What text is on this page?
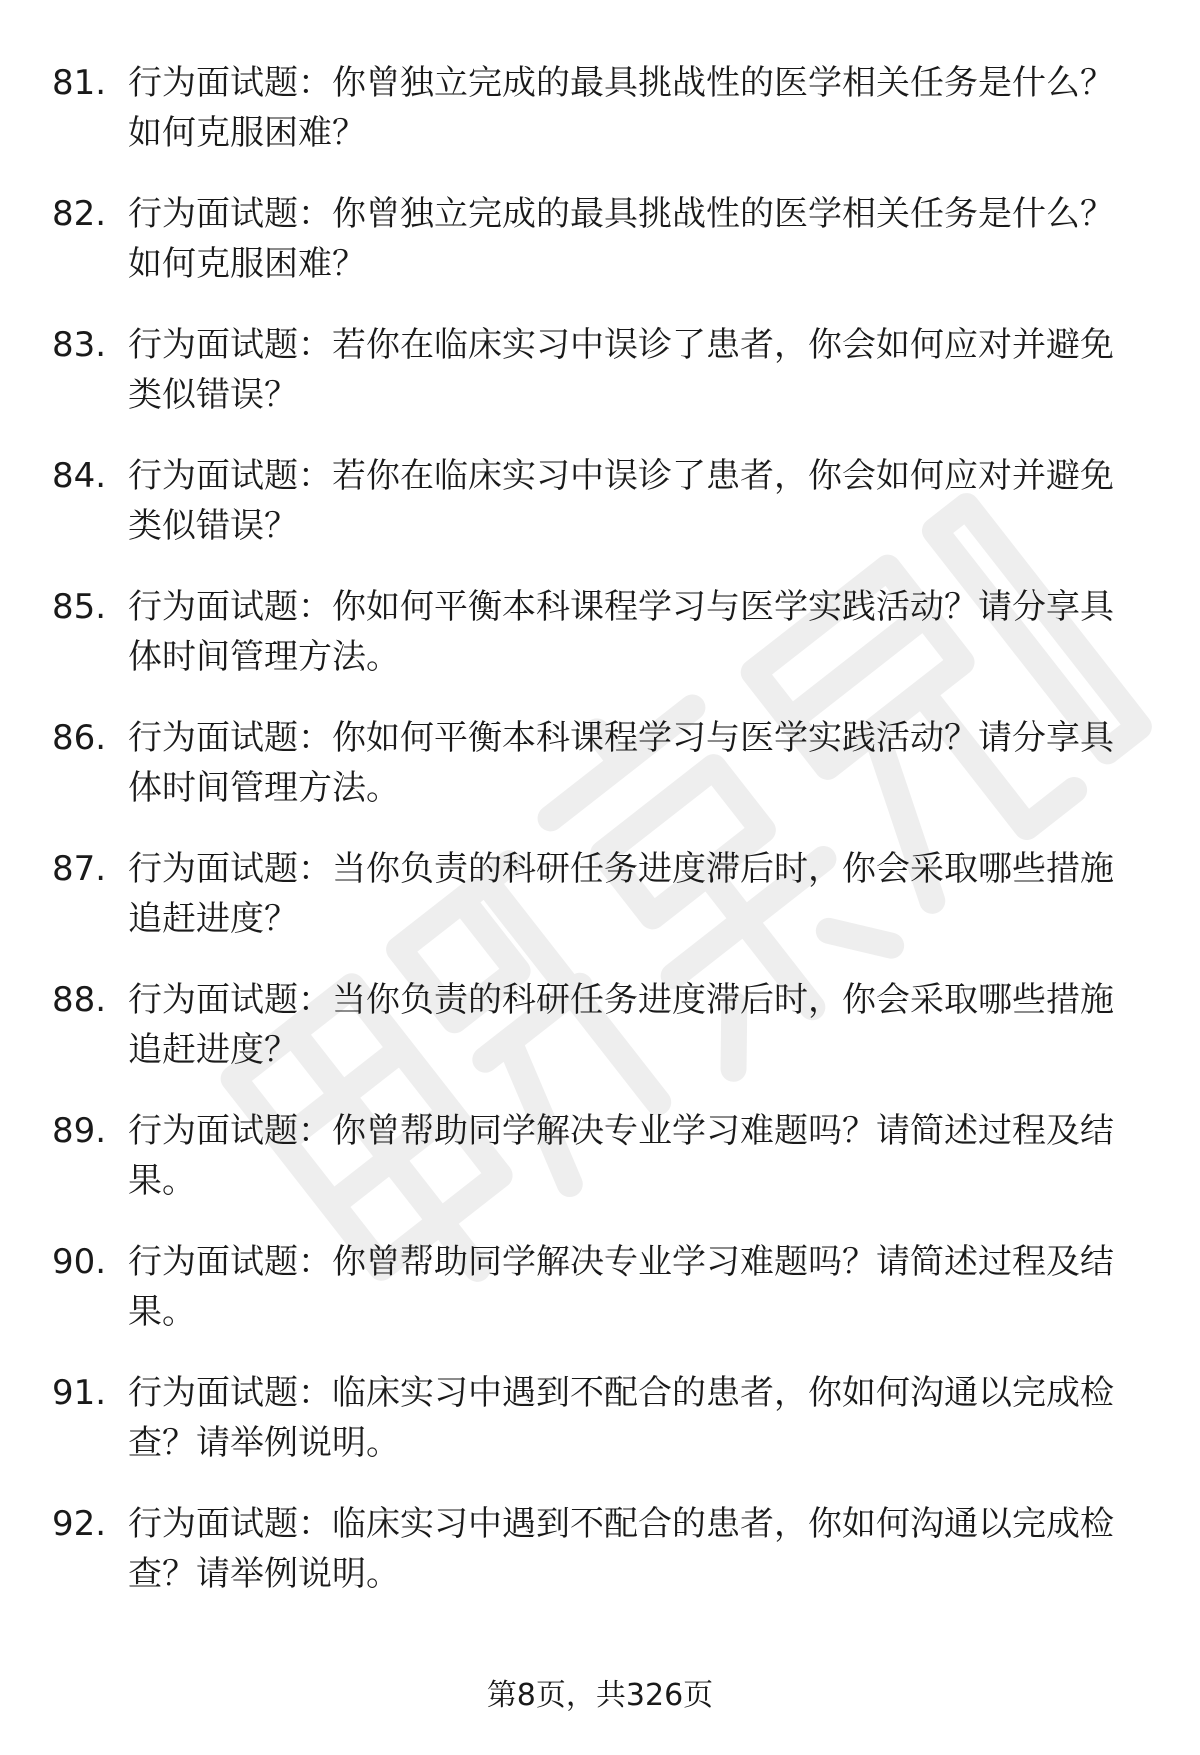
81. 行为面试题：你曾独立完成的最具挑战性的医学相关任务是什么？如何克服困难？
82. 行为面试题：你曾独立完成的最具挑战性的医学相关任务是什么？如何克服困难？
83. 行为面试题：若你在临床实习中误诊了患者，你会如何应对并避免类似错误？
84. 行为面试题：若你在临床实习中误诊了患者，你会如何应对并避免类似错误？
85. 行为面试题：你如何平衡本科课程学习与医学实践活动？请分享具体时间管理方法。
86. 行为面试题：你如何平衡本科课程学习与医学实践活动？请分享具体时间管理方法。
87. 行为面试题：当你负责的科研任务进度滞后时，你会采取哪些措施追赶进度？
88. 行为面试题：当你负责的科研任务进度滞后时，你会采取哪些措施追赶进度？
89. 行为面试题：你曾帮助同学解决专业学习难题吗？请简述过程及结果。
90. 行为面试题：你曾帮助同学解决专业学习难题吗？请简述过程及结果。
91. 行为面试题：临床实习中遇到不配合的患者，你如何沟通以完成检查？请举例说明。
92. 行为面试题：临床实习中遇到不配合的患者，你如何沟通以完成检查？请举例说明。
第8页，共326页
